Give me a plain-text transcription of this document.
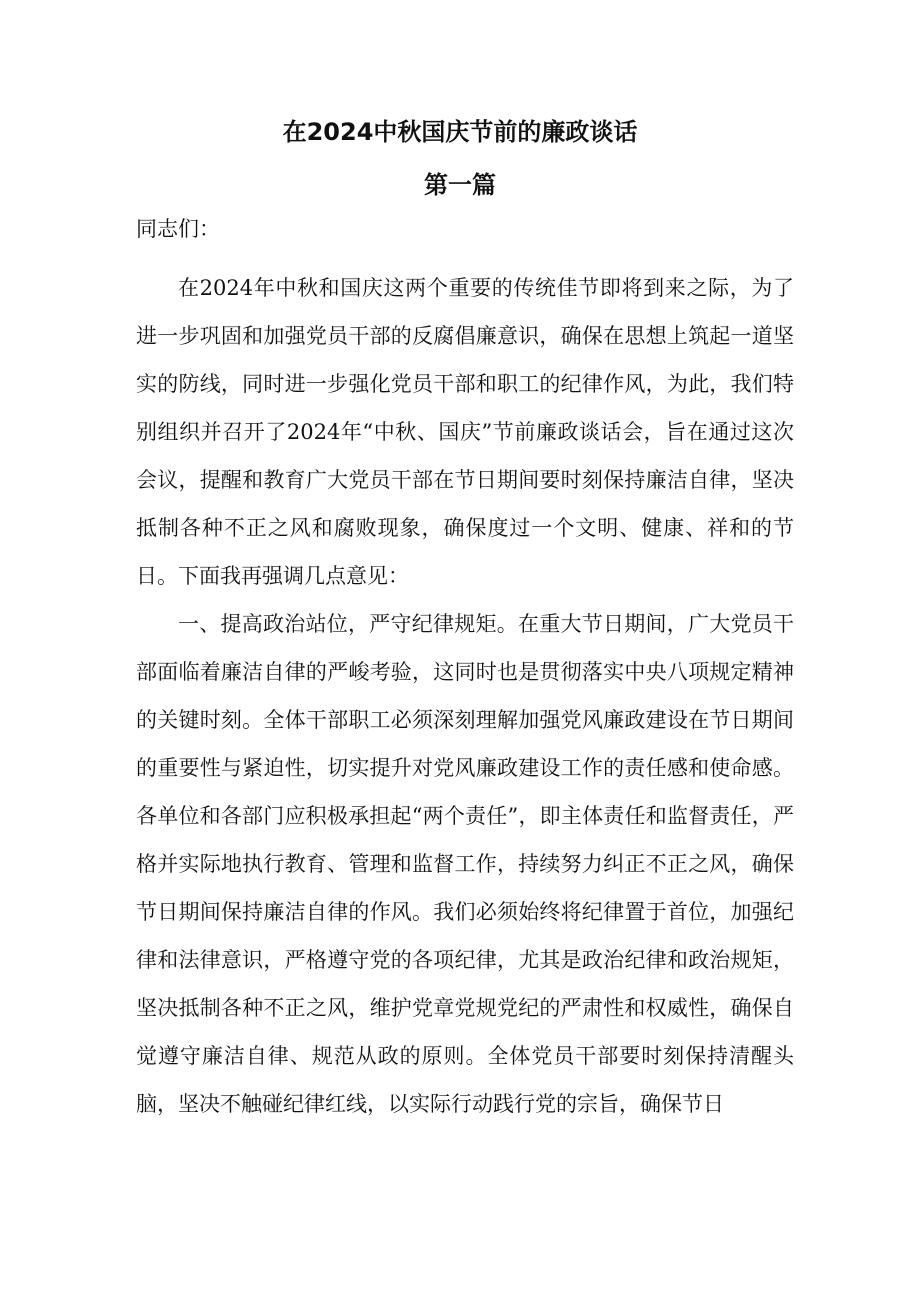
在2024中秋国庆节前的廉政谈话
第一篇

同志们：

在2024年中秋和国庆这两个重要的传统佳节即将到来之际，为了进一步巩固和加强党员干部的反腐倡廉意识，确保在思想上筑起一道坚实的防线，同时进一步强化党员干部和职工的纪律作风，为此，我们特别组织并召开了2024年“中秋、国庆”节前廉政谈话会，旨在通过这次会议，提醒和教育广大党员干部在节日期间要时刻保持廉洁自律，坚决抵制各种不正之风和腐败现象，确保度过一个文明、健康、祥和的节日。下面我再强调几点意见：

一、提高政治站位，严守纪律规矩。在重大节日期间，广大党员干部面临着廉洁自律的严峻考验，这同时也是贯彻落实中央八项规定精神的关键时刻。全体干部职工必须深刻理解加强党风廉政建设在节日期间的重要性与紧迫性，切实提升对党风廉政建设工作的责任感和使命感。各单位和各部门应积极承担起“两个责任”，即主体责任和监督责任，严格并实际地执行教育、管理和监督工作，持续努力纠正不正之风，确保节日期间保持廉洁自律的作风。我们必须始终将纪律置于首位，加强纪律和法律意识，严格遵守党的各项纪律，尤其是政治纪律和政治规矩，坚决抵制各种不正之风，维护党章党规党纪的严肃性和权威性，确保自觉遵守廉洁自律、规范从政的原则。全体党员干部要时刻保持清醒头脑，坚决不触碰纪律红线，以实际行动践行党的宗旨，确保节日
